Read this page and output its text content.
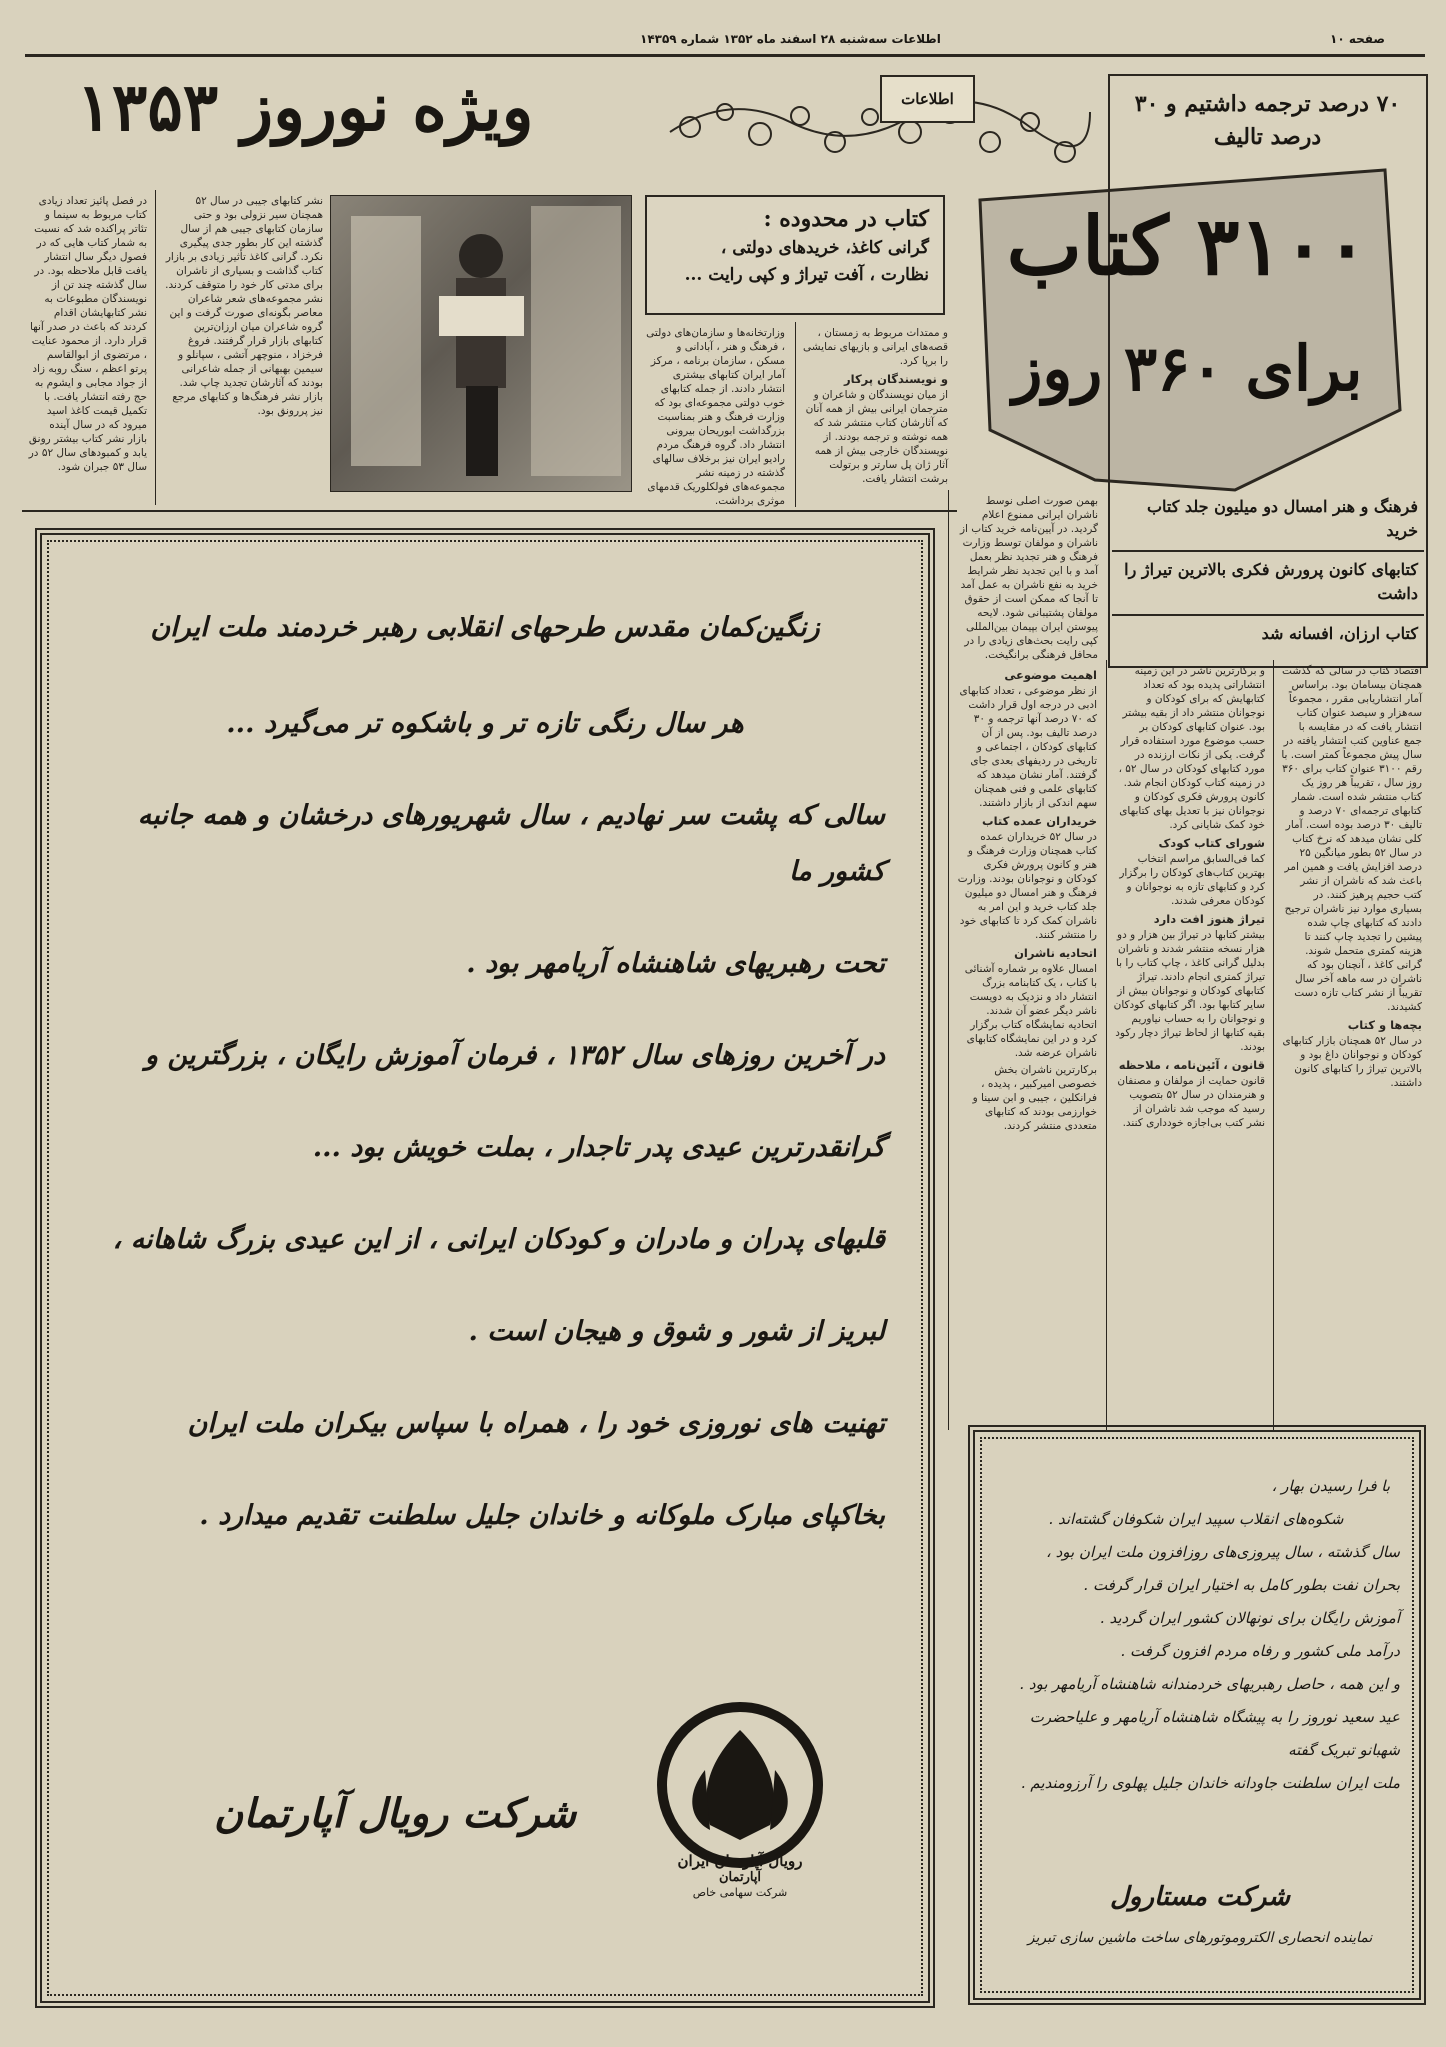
صفحه ۱۰
اطلاعات سه‌شنبه ۲۸ اسفند ماه ۱۳۵۲ شماره ۱۴۳۵۹
ویژه نوروز ۱۳۵۳	اطلاعات	۷۰ درصد ترجمه داشتیم و ۳۰ درصد تالیف
۳۱۰۰ کتاب
برای ۳۶۰ روز
فرهنگ و هنر امسال دو میلیون جلد کتاب خرید
کتابهای کانون پرورش فکری بالاترین تیراژ را داشت
کتاب ارزان، افسانه شد
در فصل پائیز تعداد زیادی کتاب مربوط به سینما و تئاتر پراکنده شد که نسبت به شمار کتاب هایی که در فصول دیگر سال انتشار یافت قابل ملاحظه بود. در سال گذشته چند تن از نویسندگان مطبوعات به نشر کتابهایشان اقدام کردند که باعث در صدر آنها قرار دارد. از محمود عنایت ، مرتضوی از ابوالقاسم پرتو اعظم ، سنگ روبه زاد از جواد مجابی و ایشوم به حج رفته انتشار یافت. با تکمیل قیمت کاغذ اسید میرود که در سال آینده بازار نشر کتاب بیشتر رونق یابد و کمبودهای سال ۵۲ در سال ۵۳ جبران شود.
نشر کتابهای جیبی در سال ۵۲ همچنان سیر نزولی بود و حتی سازمان کتابهای جیبی هم از سال گذشته این کار بطور جدی پیگیری نکرد. گرانی کاغذ تأثیر زیادی بر بازار کتاب گذاشت و بسیاری از ناشران برای مدتی کار خود را متوقف کردند. نشر مجموعه‌های شعر شاعران معاصر بگونه‌ای صورت گرفت و این گروه شاعران میان ارزان‌ترین کتابهای بازار قرار گرفتند. فروغ فرخزاد ، منوچهر آتشی ، سپانلو و سیمین بهبهانی از جمله شاعرانی بودند که آثارشان تجدید چاپ شد. بازار نشر فرهنگ‌ها و کتابهای مرجع نیز پررونق بود.
کتاب در محدوده :
گرانی کاغذ، خریدهای دولتی ،
نظارت ، آفت تیراژ و کپی رایت ...
وزارتخانه‌ها و سازمان‌های دولتی ، فرهنگ و هنر ، آبادانی و مسکن ، سازمان برنامه ، مرکز آمار ایران کتابهای بیشتری انتشار دادند. از جمله کتابهای خوب دولتی مجموعه‌ای بود که وزارت فرهنگ و هنر بمناسبت بزرگداشت ابوریحان بیرونی انتشار داد. گروه فرهنگ مردم رادیو ایران نیز برخلاف سالهای گذشته در زمینه نشر مجموعه‌های فولکلوریک قدمهای موثری برداشت.

و ممتدات مربوط به زمستان ، قصه‌های ایرانی و بازیهای نمایشی را برپا کرد.

و نویسندگان پرکار

از میان نویسندگان و شاعران و مترجمان ایرانی بیش از همه آنان که آثارشان کتاب منتشر شد که همه نوشته و ترجمه بودند. از نویسندگان خارجی بیش از همه آثار ژان پل سارتر و برتولت برشت انتشار یافت.

بهمن صورت اصلی نوسط ناشران ایرانی ممنوع اعلام گردید. در آیین‌نامه خرید کتاب از ناشران و مولفان توسط وزارت فرهنگ و هنر تجدید نظر بعمل آمد و با این تجدید نظر شرایط خرید به نفع ناشران به عمل آمد تا آنجا که ممکن است از حقوق مولفان پشتیبانی شود. لایحه پیوستن ایران بپیمان بین‌المللی کپی رایت بحث‌های زیادی را در محافل فرهنگی برانگیخت.
زنگین‌کمان مقدس طرحهای انقلابی رهبر خردمند ملت ایران
هر سال رنگی تازه تر و باشکوه تر می‌گیرد ...
سالی که پشت سر نهادیم ، سال شهریورهای درخشان و همه جانبه کشور ما
تحت رهبریهای شاهنشاه آریامهر بود .
در آخرین روزهای سال ۱۳۵۲ ، فرمان آموزش رایگان ، بزرگترین و
گرانقدرترین عیدی پدر تاجدار ، بملت خویش بود ...
قلبهای پدران و مادران و کودکان ایرانی ، از این عیدی بزرگ شاهانه ،
لبریز از شور و شوق و هیجان است .
تهنیت های نوروزی خود را ، همراه با سپاس بیکران ملت ایران
بخاکپای مبارک ملوکانه و خاندان جلیل سلطنت تقدیم میدارد .
رویال آپارتمان ایران
آپارتمان
شرکت سهامی خاص
شرکت رویال آپارتمان
اهمیت موضوعی

از نظر موضوعی ، تعداد کتابهای ادبی در درجه اول قرار داشت که ۷۰ درصد آنها ترجمه و ۳۰ درصد تالیف بود. پس از آن کتابهای کودکان ، اجتماعی و تاریخی در ردیفهای بعدی جای گرفتند. آمار نشان میدهد که کتابهای علمی و فنی همچنان سهم اندکی از بازار داشتند.

خریداران عمده کتاب

در سال ۵۲ خریداران عمده کتاب همچنان وزارت فرهنگ و هنر و کانون پرورش فکری کودکان و نوجوانان بودند. وزارت فرهنگ و هنر امسال دو میلیون جلد کتاب خرید و این امر به ناشران کمک کرد تا کتابهای خود را منتشر کنند.

اتحادیه ناشران

امسال علاوه بر شماره آشنائی با کتاب ، یک کتابنامه بزرگ انتشار داد و نزدیک به دویست ناشر دیگر عضو آن شدند. اتحادیه نمایشگاه کتاب برگزار کرد و در این نمایشگاه کتابهای ناشران عرضه شد.

برکارترین ناشران بخش خصوصی امیرکبیر ، پدیده ، فرانکلین ، جیبی و ابن سینا و خوارزمی بودند که کتابهای متعددی منتشر کردند.

و برکارترین ناشر در این زمینه انتشاراتی پدیده بود که تعداد کتابهایش که برای کودکان و نوجوانان منتشر داد از بقیه بیشتر بود. عنوان کتابهای کودکان بر حسب موضوع مورد استفاده قرار گرفت. یکی از نکات ارزنده در مورد کتابهای کودکان در سال ۵۲ ، در زمینه کتاب کودکان انجام شد. کانون پرورش فکری کودکان و نوجوانان نیز با تعدیل بهای کتابهای خود کمک شایانی کرد.

شورای کتاب کودک

کما فی‌السابق مراسم انتخاب بهترین کتاب‌های کودکان را برگزار کرد و کتابهای تازه به نوجوانان و کودکان معرفی شدند.

تیراژ هنوز افت دارد

بیشتر کتابها در تیراژ بین هزار و دو هزار نسخه منتشر شدند و ناشران بدلیل گرانی کاغذ ، چاپ کتاب را با تیراژ کمتری انجام دادند. تیراژ کتابهای کودکان و نوجوانان بیش از سایر کتابها بود. اگر کتابهای کودکان و نوجوانان را به حساب نیاوریم بقیه کتابها از لحاظ تیراژ دچار رکود بودند.

قانون ، آئین‌نامه ، ملاحظه

قانون حمایت از مولفان و مصنفان و هنرمندان در سال ۵۲ بتصویب رسید که موجب شد ناشران از نشر کتب بی‌اجازه خودداری کنند.

اقتصاد کتاب در سالی که گذشت همچنان بیسامان بود. براساس آمار انتشاریابی مقرر ، مجموعاً سه‌هزار و سیصد عنوان کتاب انتشار یافت که در مقایسه با جمع عناوین کتب انتشار یافته در سال پیش مجموعاً کمتر است. با رقم ۳۱۰۰ عنوان کتاب برای ۳۶۰ روز سال ، تقریباً هر روز یک کتاب منتشر شده است. شمار کتابهای ترجمه‌ای ۷۰ درصد و تالیف ۳۰ درصد بوده است. آمار کلی نشان میدهد که نرخ کتاب در سال ۵۲ بطور میانگین ۲۵ درصد افزایش یافت و همین امر باعث شد که ناشران از نشر کتب حجیم پرهیز کنند. در بسیاری موارد نیز ناشران ترجیح دادند که کتابهای چاپ شده پیشین را تجدید چاپ کنند تا هزینه کمتری متحمل شوند. گرانی کاغذ ، آنچنان بود که ناشران در سه ماهه آخر سال تقریباً از نشر کتاب تازه دست کشیدند.

بچه‌ها و کتاب

در سال ۵۲ همچنان بازار کتابهای کودکان و نوجوانان داغ بود و بالاترین تیراژ را کتابهای کانون داشتند.

با فرا رسیدن بهار ،
شکوه‌های انقلاب سپید ایران شکوفان گشته‌اند .
سال گذشته ، سال پیروزی‌های روزافزون ملت ایران بود ،
بحران نفت بطور کامل به اختیار ایران قرار گرفت .
آموزش رایگان برای نونهالان کشور ایران گردید .
درآمد ملی کشور و رفاه مردم افزون گرفت .
و این همه ، حاصل رهبریهای خردمندانه شاهنشاه آریامهر بود .
عید سعید نوروز را به پیشگاه شاهنشاه آریامهر و علیاحضرت شهبانو تبریک گفته
ملت ایران سلطنت جاودانه خاندان جلیل پهلوی را آرزومندیم .
شرکت مستارول
نماینده انحصاری الکتروموتورهای ساخت ماشین سازی تبریز
